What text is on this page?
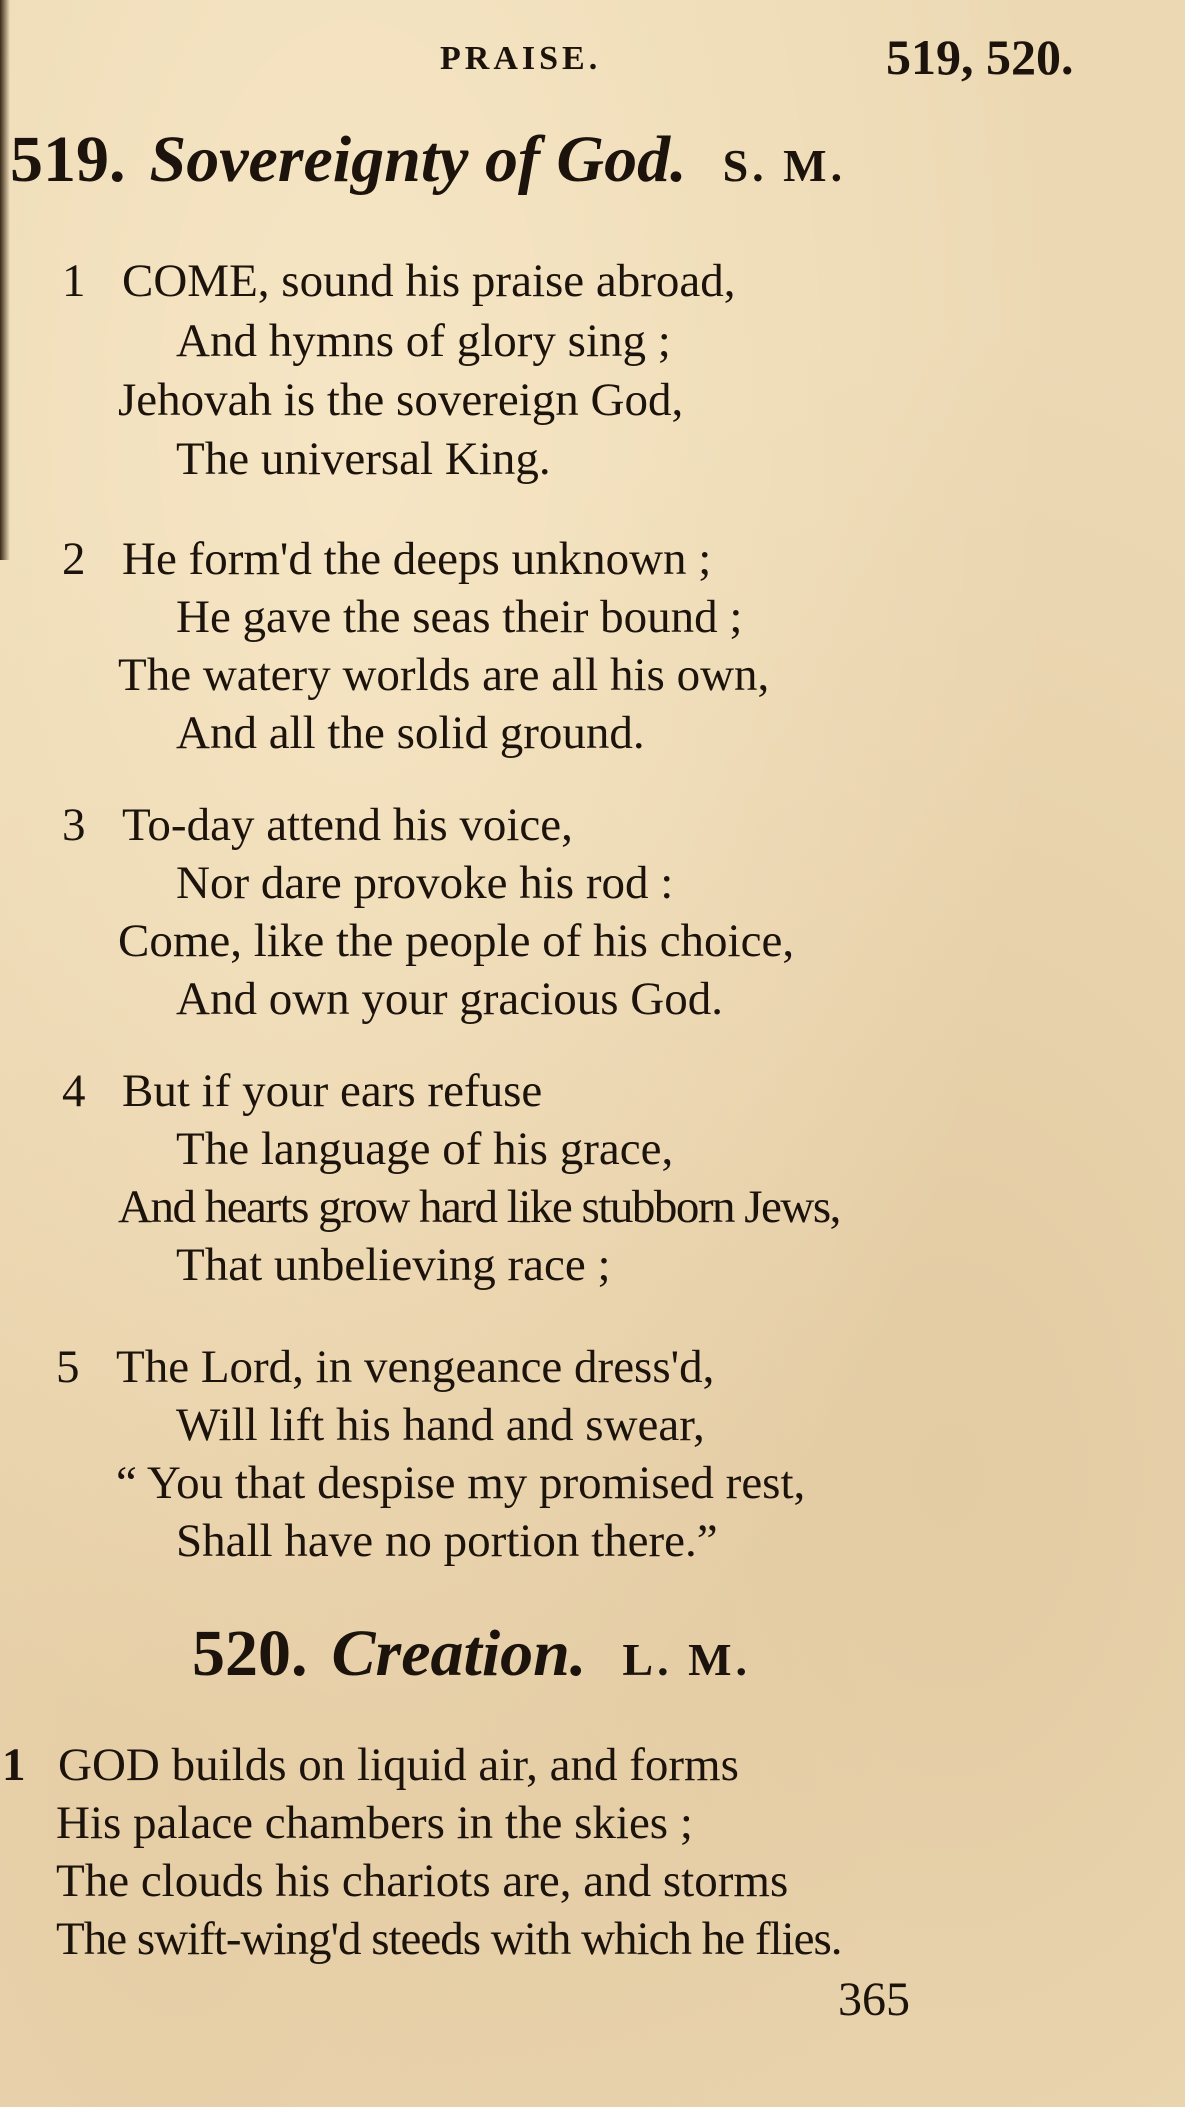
PRAISE.	519, 520.
519. Sovereignty of God. S. M.
1 COME, sound his praise abroad,
And hymns of glory sing ;
Jehovah is the sovereign God,
The universal King.
2 He form'd the deeps unknown ;
He gave the seas their bound ;
The watery worlds are all his own,
And all the solid ground.
3 To-day attend his voice,
Nor dare provoke his rod :
Come, like the people of his choice,
And own your gracious God.
4 But if your ears refuse
The language of his grace,
And hearts grow hard like stubborn Jews,
That unbelieving race ;
5 The Lord, in vengeance dress'd,
Will lift his hand and swear,
“ You that despise my promised rest,
Shall have no portion there.”
520. Creation. L. M.
1 GOD builds on liquid air, and forms
His palace chambers in the skies ;
The clouds his chariots are, and storms
The swift-wing'd steeds with which he flies.
365
